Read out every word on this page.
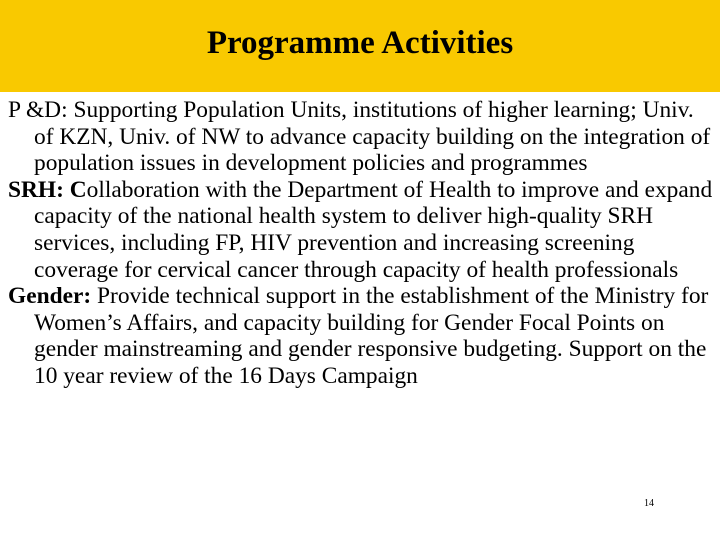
Programme Activities

P &D: Supporting Population Units, institutions of higher learning; Univ. of KZN, Univ. of NW to advance capacity building on the integration of population issues in development policies and programmes

SRH: Collaboration with the Department of Health to improve and expand capacity of the national health system to deliver high-quality SRH services, including FP, HIV prevention and increasing screening coverage for cervical cancer through capacity of health professionals

Gender: Provide technical support in the establishment of the Ministry for Women’s Affairs, and capacity building for Gender Focal Points on gender mainstreaming and gender responsive budgeting. Support on the 10 year review of the 16 Days Campaign

14
